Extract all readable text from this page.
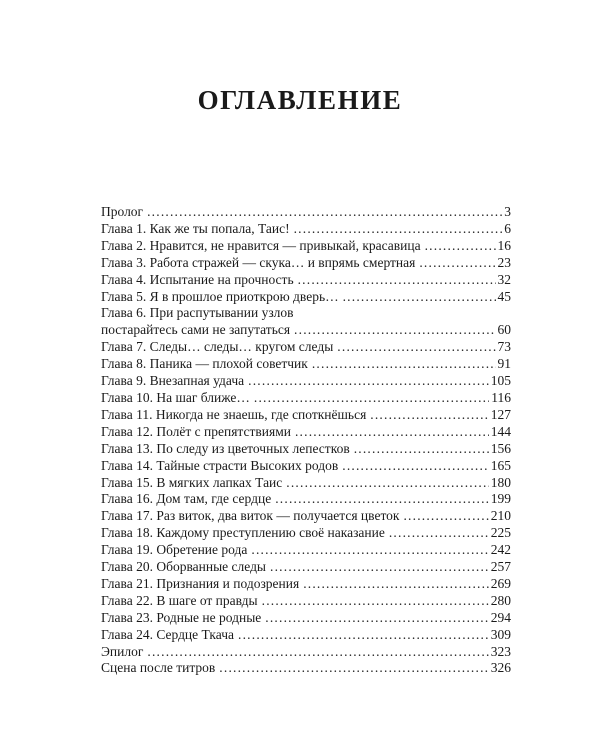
ОГЛАВЛЕНИЕ
Пролог .....	3
Глава 1. Как же ты попала, Таис! .....	6
Глава 2. Нравится, не нравится — привыкай, красавица .....	16
Глава 3. Работа стражей — скука… и впрямь смертная .....	23
Глава 4. Испытание на прочность .....	32
Глава 5. Я в прошлое приоткрою дверь… .....	45
Глава 6. При распутывании узлов
постарайтесь сами не запутаться .....	60
Глава 7. Следы… следы… кругом следы .....	73
Глава 8. Паника — плохой советчик .....	91
Глава 9. Внезапная удача .....	105
Глава 10. На шаг ближе… .....	116
Глава 11. Никогда не знаешь, где споткнёшься .....	127
Глава 12. Полёт с препятствиями .....	144
Глава 13. По следу из цветочных лепестков .....	156
Глава 14. Тайные страсти Высоких родов .....	165
Глава 15. В мягких лапках Таис .....	180
Глава 16. Дом там, где сердце .....	199
Глава 17. Раз виток, два виток — получается цветок .....	210
Глава 18. Каждому преступлению своё наказание .....	225
Глава 19. Обретение рода .....	242
Глава 20. Оборванные следы .....	257
Глава 21. Признания и подозрения .....	269
Глава 22. В шаге от правды .....	280
Глава 23. Родные не родные .....	294
Глава 24. Сердце Ткача .....	309
Эпилог .....	323
Сцена после титров .....	326
